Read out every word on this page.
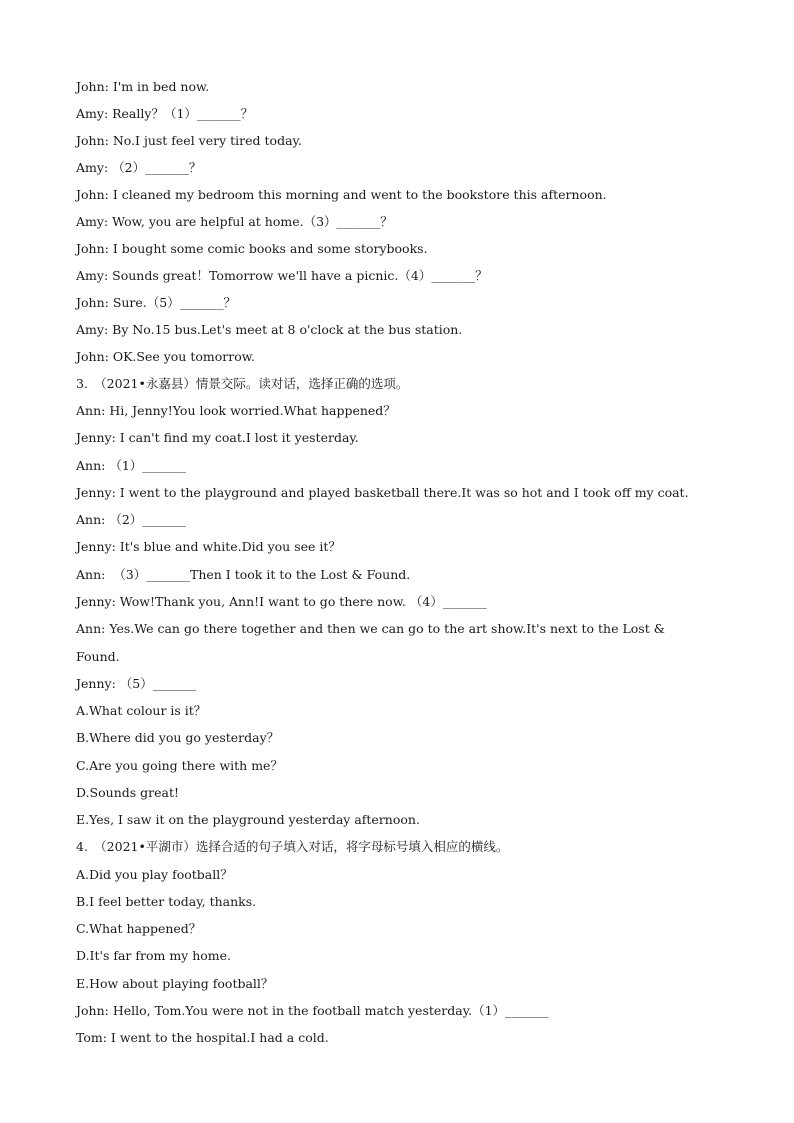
John: I'm in bed now.
Amy: Really？（1）_______？
John: No.I just feel very tired today.
Amy: （2）_______？
John: I cleaned my bedroom this morning and went to the bookstore this afternoon.
Amy: Wow, you are helpful at home.（3）_______？
John: I bought some comic books and some storybooks.
Amy: Sounds great！Tomorrow we'll have a picnic.（4）_______？
John: Sure.（5）_______？
Amy: By No.15 bus.Let's meet at 8 o'clock at the bus station.
John: OK.See you tomorrow.
3.　（2021•永嘉县）情景交际。读对话，选择正确的选项。
Ann: Hi, Jenny!You look worried.What happened？
Jenny: I can't find my coat.I lost it yesterday.
Ann: （1）_______
Jenny: I went to the playground and played basketball there.It was so hot and I took off my coat.
Ann: （2）_______
Jenny: It's blue and white.Did you see it？
Ann:  （3）_______Then I took it to the Lost & Found.
Jenny: Wow!Thank you, Ann!I want to go there now. （4）_______
Ann: Yes.We can go there together and then we can go to the art show.It's next to the Lost &
Found.
Jenny: （5）_______
A.What colour is it？
B.Where did you go yesterday？
C.Are you going there with me？
D.Sounds great!
E.Yes, I saw it on the playground yesterday afternoon.
4.　（2021•平湖市）选择合适的句子填入对话，将字母标号填入相应的横线。
A.Did you play football？
B.I feel better today, thanks.
C.What happened？
D.It's far from my home.
E.How about playing football？
John: Hello, Tom.You were not in the football match yesterday.（1）_______
Tom: I went to the hospital.I had a cold.
